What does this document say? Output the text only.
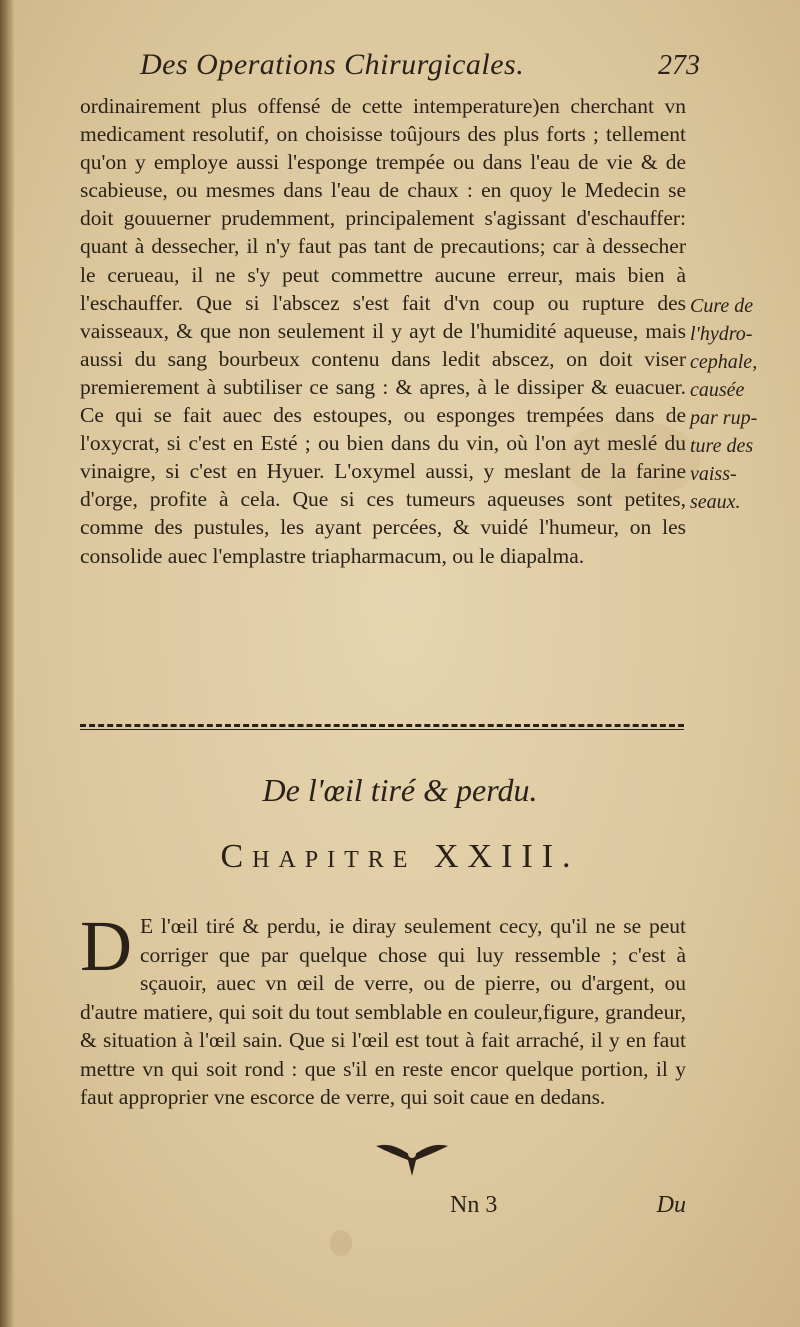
Des Operations Chirurgicales.	273

ordinairement plus offensé de cette intemperature)en cherchant vn medicament resolutif, on choisisse toûjours des plus forts ; tellement qu'on y employe aussi l'esponge trempée ou dans l'eau de vie & de scabieuse, ou mesmes dans l'eau de chaux : en quoy le Medecin se doit gouuerner prudemment, principalement s'agissant d'eschauffer: quant à dessecher, il n'y faut pas tant de precautions; car à dessecher le cerueau, il ne s'y peut commettre aucune erreur, mais bien à l'eschauffer. Que si l'abscez s'est fait d'vn coup ou rupture des vaisseaux, & que non seulement il y ayt de l'humidité aqueuse, mais aussi du sang bourbeux contenu dans ledit abscez, on doit viser premierement à subtiliser ce sang : & apres, à le dissiper & euacuer. Ce qui se fait auec des estoupes, ou esponges trempées dans de l'oxycrat, si c'est en Esté ; ou bien dans du vin, où l'on ayt meslé du vinaigre, si c'est en Hyuer. L'oxymel aussi, y meslant de la farine d'orge, profite à cela. Que si ces tumeurs aqueuses sont petites, comme des pustules, les ayant percées, & vuidé l'humeur, on les consolide auec l'emplastre triapharmacum, ou le diapalma.

Cure de
l'hydro-
cephale,
causée
par rup-
ture des
vaiss-
seaux.
De l'œil tiré & perdu.
Chapitre XXIII.
D E l'œil tiré & perdu, ie diray seulement cecy, qu'il ne se peut corriger que par quelque chose qui luy ressemble ; c'est à sçauoir, auec vn œil de verre, ou de pierre, ou d'argent, ou d'autre matiere, qui soit du tout semblable en couleur,figure, grandeur, & situation à l'œil sain. Que si l'œil est tout à fait arraché, il y en faut mettre vn qui soit rond : que s'il en reste encor quelque portion, il y faut approprier vne escorce de verre, qui soit caue en dedans.

Nn 3	Du
